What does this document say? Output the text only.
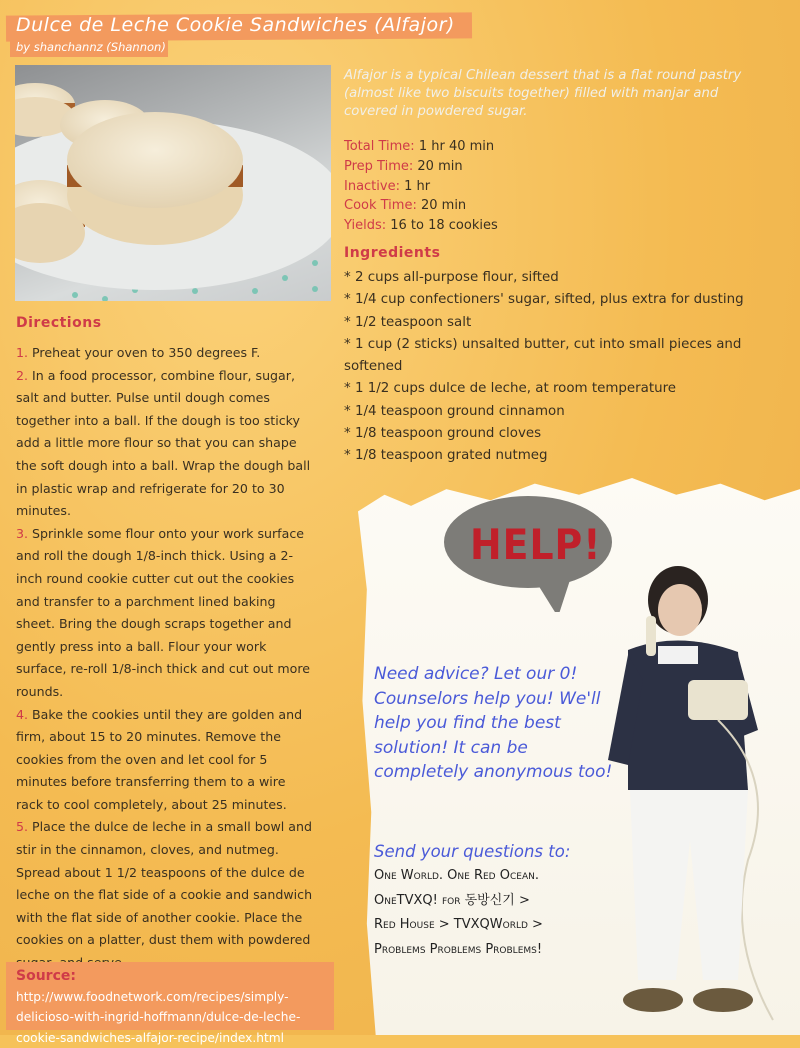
Dulce de Leche Cookie Sandwiches (Alfajor)
by shanchannz (Shannon)
Alfajor is a typical Chilean dessert that is a flat round pastry (almost like two biscuits together) filled with manjar and covered in powdered sugar.
Total Time: 1 hr 40 min
Prep Time: 20 min
Inactive: 1 hr
Cook Time: 20 min
Yields: 16 to 18 cookies
Ingredients
* 2 cups all-purpose flour, sifted
* 1/4 cup confectioners' sugar, sifted, plus extra for dusting
* 1/2 teaspoon salt
* 1 cup (2 sticks) unsalted butter, cut into small pieces and softened
* 1 1/2 cups dulce de leche, at room temperature
* 1/4 teaspoon ground cinnamon
* 1/8 teaspoon ground cloves
* 1/8 teaspoon grated nutmeg
Directions

1. Preheat your oven to 350 degrees F.

2. In a food processor, combine flour, sugar, salt and butter. Pulse until dough comes together into a ball. If the dough is too sticky add a little more flour so that you can shape the soft dough into a ball. Wrap the dough ball in plastic wrap and refrigerate for 20 to 30 minutes.

3. Sprinkle some flour onto your work surface and roll the dough 1/8-inch thick. Using a 2-inch round cookie cutter cut out the cookies and transfer to a parchment lined baking sheet. Bring the dough scraps together and gently press into a ball. Flour your work surface, re-roll 1/8-inch thick and cut out more rounds.

4. Bake the cookies until they are golden and firm, about 15 to 20 minutes. Remove the cookies from the oven and let cool for 5 minutes before transferring them to a wire rack to cool completely, about 25 minutes.

5. Place the dulce de leche in a small bowl and stir in the cinnamon, cloves, and nutmeg. Spread about 1 1/2 teaspoons of the dulce de leche on the flat side of a cookie and sandwich with the flat side of another cookie. Place the cookies on a platter, dust them with powdered

Source: http://www.foodnetwork.com/recipes/simply-delicioso-with-ingrid-hoffmann/dulce-de-leche-cookie-sandwiches-alfajor-recipe/index.html
HELP!
Need advice? Let our 0! Counselors help you! We'll help you find the best solution! It can be completely anonymous too!
Send your questions to:

One World. One Red Ocean.

OneTVXQ! for 동방신기 >

Red House > TVXQWorld >

Problems Problems Problems!
